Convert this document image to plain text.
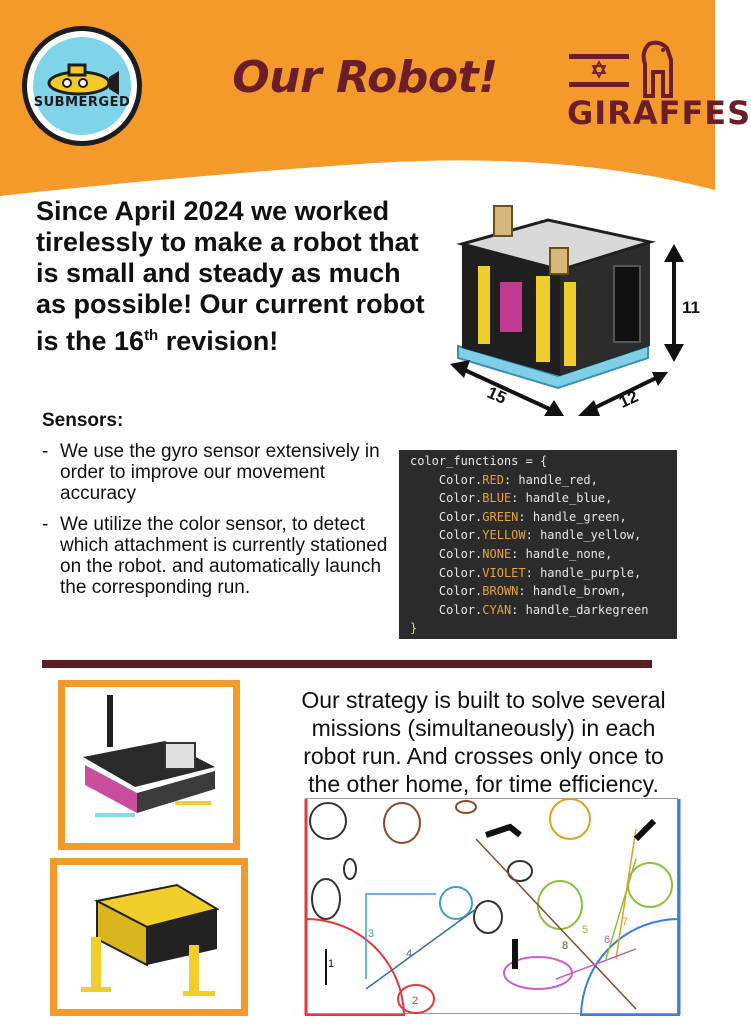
SUBMERGED	Our Robot!
GIRAFFES
Since April 2024 we worked tirelessly to make a robot that is small and steady as much as possible! Our current robot is the 16th revision!
11
15	12
Sensors:
- We use the gyro sensor extensively in order to improve our movement accuracy
- We utilize the color sensor, to detect which attachment is currently stationed on the robot. and automatically launch the corresponding run.
color_functions = {
Color.RED: handle_red,
Color.BLUE: handle_blue,
Color.GREEN: handle_green,
Color.YELLOW: handle_yellow,
Color.NONE: handle_none,
Color.VIOLET: handle_purple,
Color.BROWN: handle_brown,
Color.CYAN: handle_darkegreen
}
Our strategy is built to solve several missions (simultaneously) in each robot run. And crosses only once to the other home, for time efficiency.
1
2
3
4
5
6
7
8
